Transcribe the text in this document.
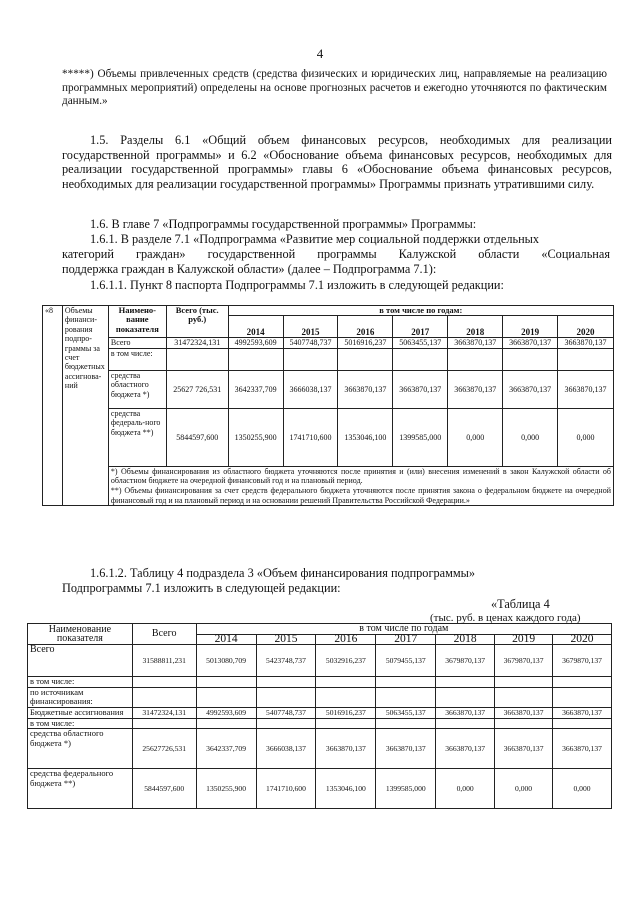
4
*****) Объемы привлеченных средств (средства физических и юридических лиц, направляемые на реализацию программных мероприятий) определены на основе прогнозных расчетов и ежегодно уточняются по фактическим данным.»
1.5. Разделы 6.1 «Общий объем финансовых ресурсов, необходимых для реализации государственной программы» и 6.2 «Обоснование объема финансовых ресурсов, необходимых для реализации государственной программы» главы 6 «Обоснование объема финансовых ресурсов, необходимых для реализации государственной программы» Программы признать утратившими силу.
1.6. В главе 7 «Подпрограммы государственной программы» Программы:
1.6.1. В разделе 7.1 «Подпрограмма «Развитие мер социальной поддержки отдельных
категорий граждан» государственной программы Калужской области «Социальная
поддержка граждан в Калужской области» (далее – Подпрограмма 7.1):
1.6.1.1. Пункт 8 паспорта Подпрограммы 7.1 изложить в следующей редакции:
«8	Объемы финанси-рования подпро-граммы за счет бюджетных ассигнова-ний	Наимено-вание показателя	Всего (тыс. руб.)	в том числе по годам:						
				2014	2015	2016	2017	2018	2019	2020
		Всего	31472324,131	4992593,609	5407748,737	5016916,237	5063455,137	3663870,137	3663870,137	3663870,137
		в том числе:								
		средства областного бюджета *)	25627 726,531	3642337,709	3666038,137	3663870,137	3663870,137	3663870,137	3663870,137	3663870,137
		средства федераль-ного бюджета **)	5844597,600	1350255,900	1741710,600	1353046,100	1399585,000	0,000	0,000	0,000

		*) Объемы финансирования из областного бюджета уточняются после принятия и (или) внесения изменений в закон Калужской области об областном бюджете на очередной финансовый год и на плановый период.
**) Объемы финансирования за счет средств федерального бюджета уточняются после принятия закона о федеральном бюджете на очередной финансовый год и на плановый период и на основании решений Правительства Российской Федерации.»								
1.6.1.2. Таблицу 4 подраздела 3 «Объем финансирования подпрограммы»
Подпрограммы 7.1 изложить в следующей редакции:
«Таблица 4
(тыс. руб. в ценах каждого года)
Наименование показателя	Всего	в том числе по годам						
		2014	2015	2016	2017	2018	2019	2020
Всего	31588811,231	5013080,709	5423748,737	5032916,237	5079455,137	3679870,137	3679870,137	3679870,137
в том числе:								
по источникам финансирования:								
Бюджетные ассигнования	31472324,131	4992593,609	5407748,737	5016916,237	5063455,137	3663870,137	3663870,137	3663870,137
в том числе:								
средства областного бюджета *)	25627726,531	3642337,709	3666038,137	3663870,137	3663870,137	3663870,137	3663870,137	3663870,137
средства федерального бюджета **)	5844597,600	1350255,900	1741710,600	1353046,100	1399585,000	0,000	0,000	0,000
